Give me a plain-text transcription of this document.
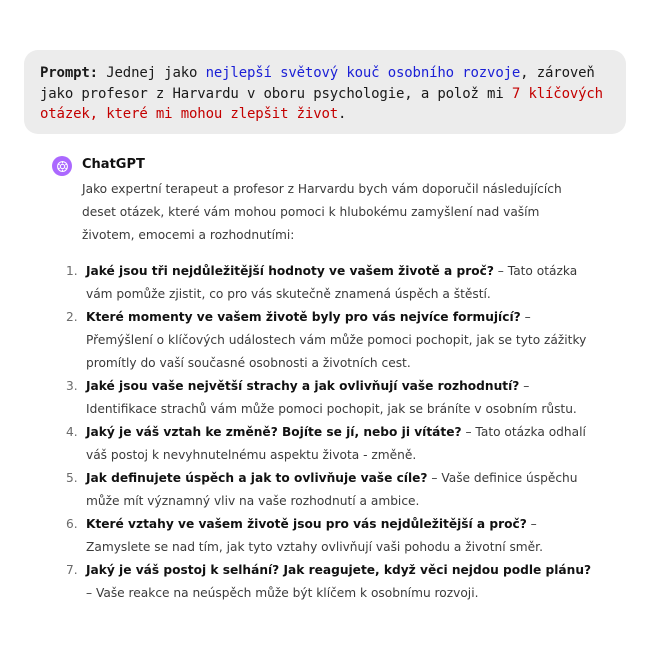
Prompt: Jednej jako nejlepší světový kouč osobního rozvoje, zároveň jako profesor z Harvardu v oboru psychologie, a polož mi 7 klíčových otázek, které mi mohou zlepšit život.
ChatGPT
Jako expertní terapeut a profesor z Harvardu bych vám doporučil následujících deset otázek, které vám mohou pomoci k hlubokému zamyšlení nad vaším životem, emocemi a rozhodnutími:
1. Jaké jsou tři nejdůležitější hodnoty ve vašem životě a proč? – Tato otázka vám pomůže zjistit, co pro vás skutečně znamená úspěch a štěstí.
2. Které momenty ve vašem životě byly pro vás nejvíce formující? – Přemýšlení o klíčových událostech vám může pomoci pochopit, jak se tyto zážitky promítly do vaší současné osobnosti a životních cest.
3. Jaké jsou vaše největší strachy a jak ovlivňují vaše rozhodnutí? – Identifikace strachů vám může pomoci pochopit, jak se bráníte v osobním růstu.
4. Jaký je váš vztah ke změně? Bojíte se jí, nebo ji vítáte? – Tato otázka odhalí váš postoj k nevyhnutelnému aspektu života - změně.
5. Jak definujete úspěch a jak to ovlivňuje vaše cíle? – Vaše definice úspěchu může mít významný vliv na vaše rozhodnutí a ambice.
6. Které vztahy ve vašem životě jsou pro vás nejdůležitější a proč? – Zamyslete se nad tím, jak tyto vztahy ovlivňují vaši pohodu a životní směr.
7. Jaký je váš postoj k selhání? Jak reagujete, když věci nejdou podle plánu? – Vaše reakce na neúspěch může být klíčem k osobnímu rozvoji.
